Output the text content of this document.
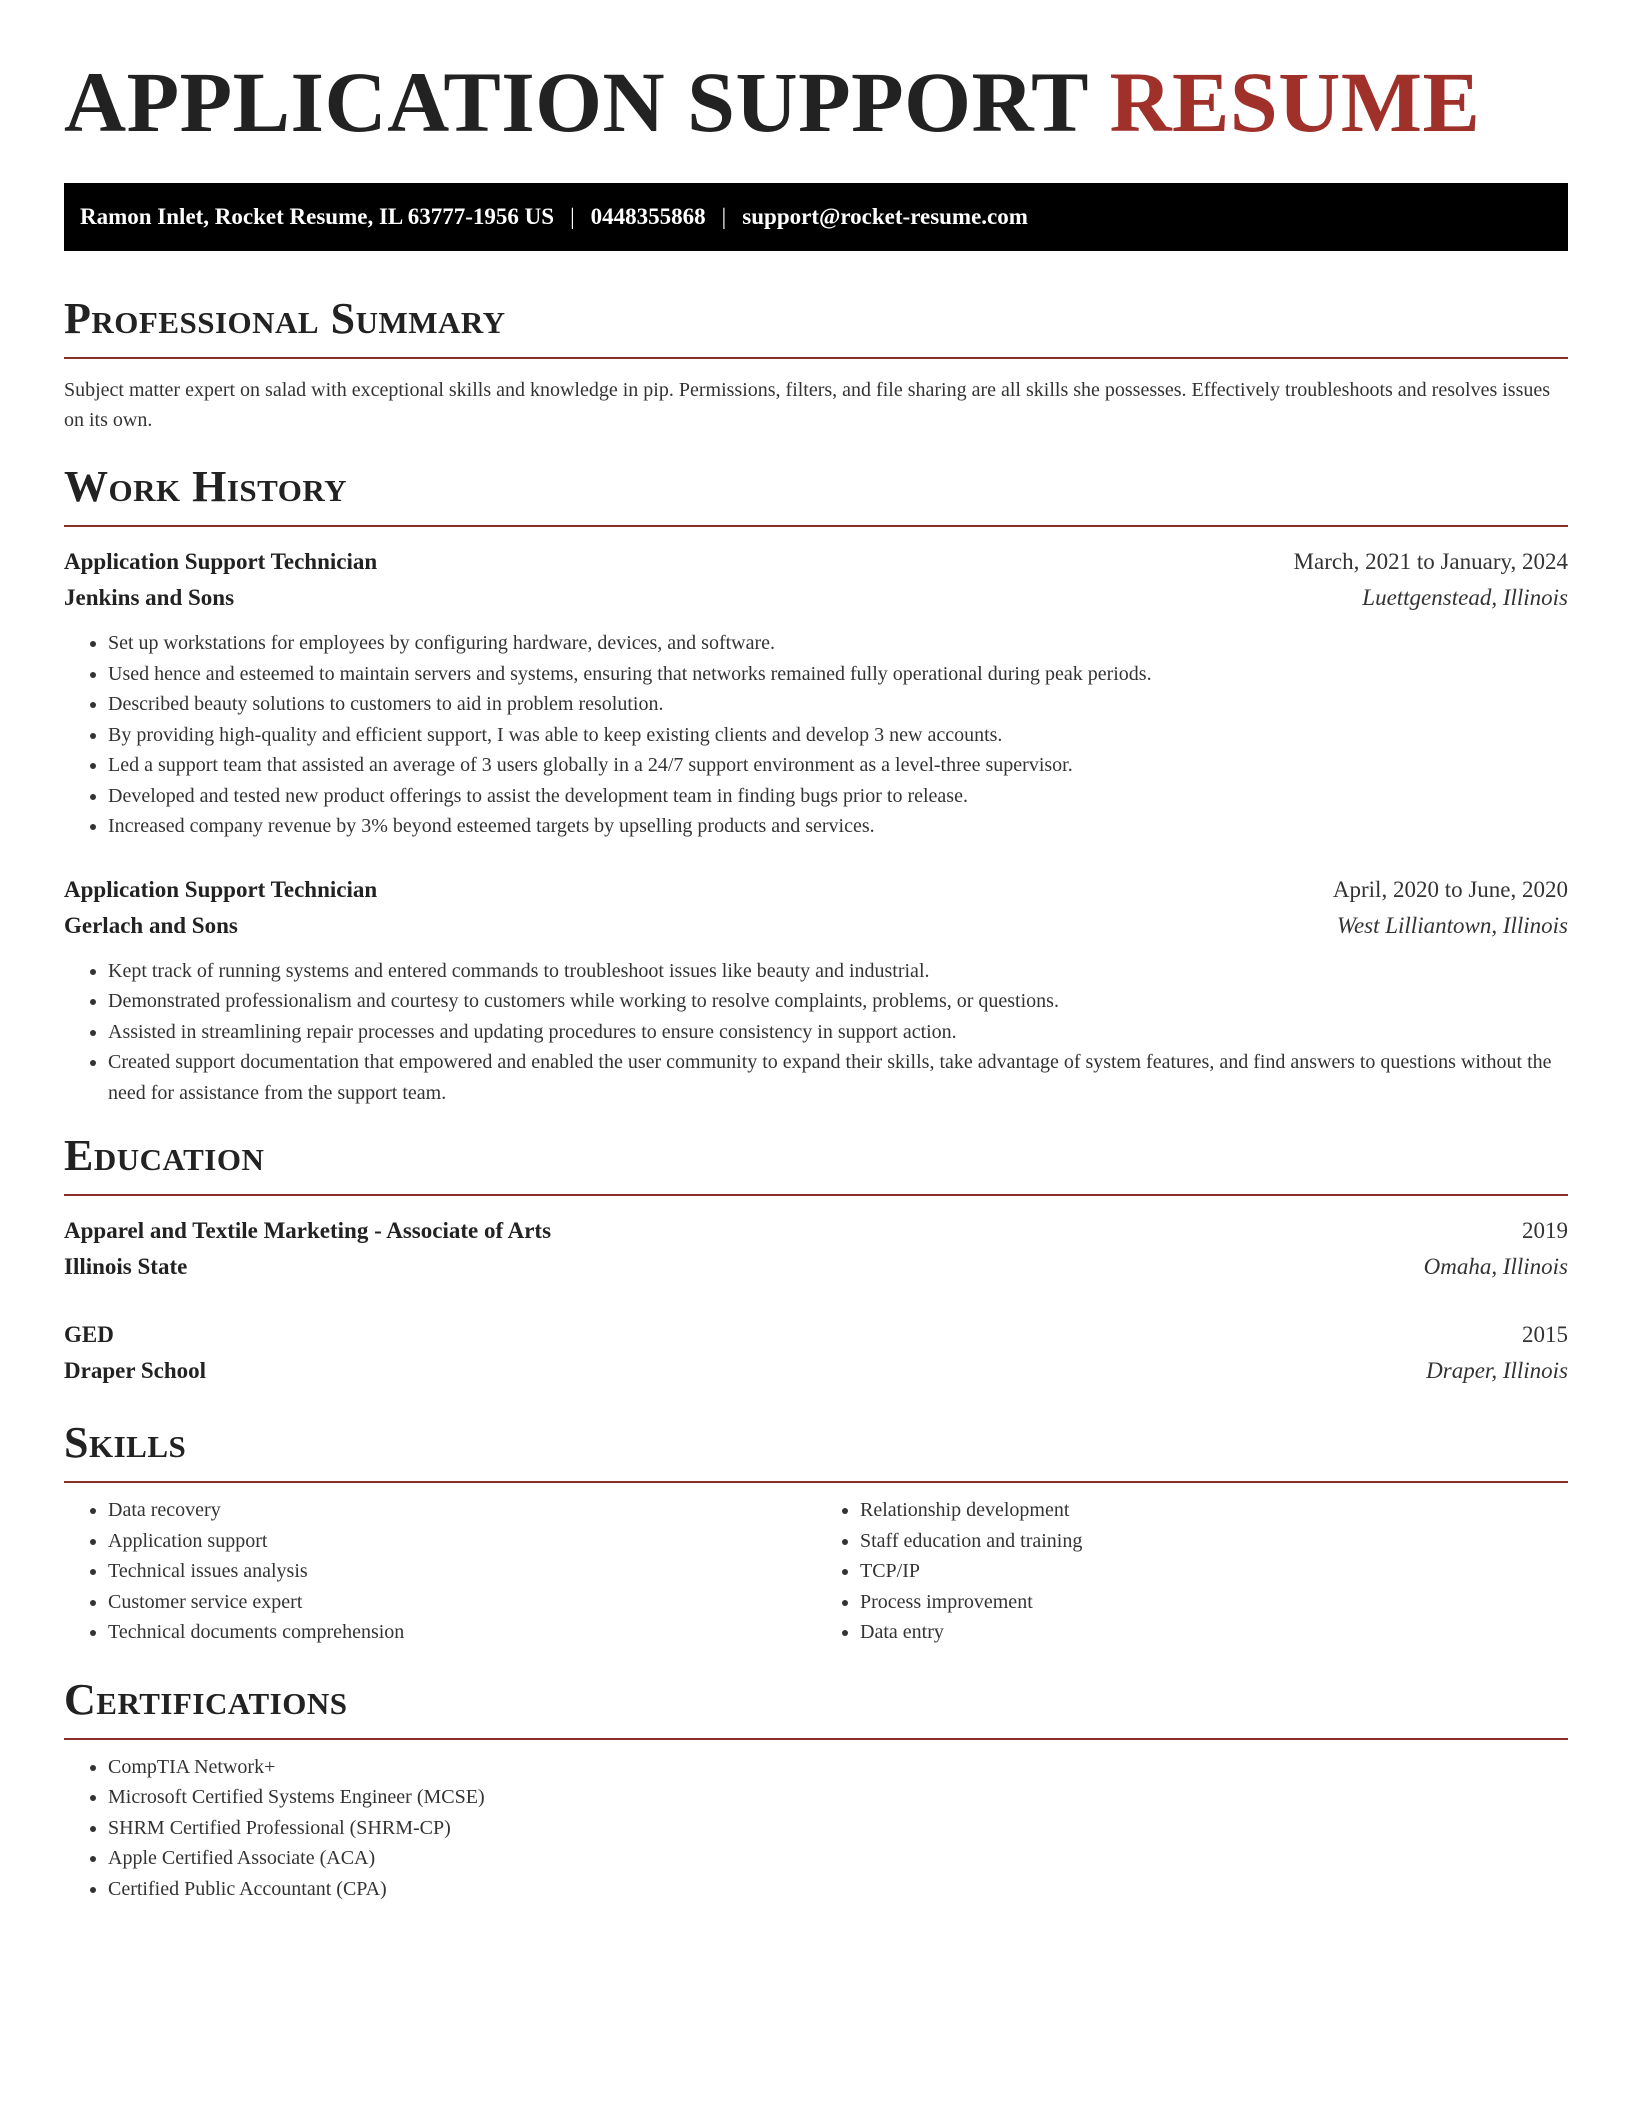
APPLICATION SUPPORT RESUME
Ramon Inlet, Rocket Resume, IL 63777-1956 US | 0448355868 | support@rocket-resume.com
Professional Summary

Subject matter expert on salad with exceptional skills and knowledge in pip. Permissions, filters, and file sharing are all skills she possesses. Effectively troubleshoots and resolves issues on its own.

Work History
Application Support Technician	March, 2021 to January, 2024
Jenkins and Sons	Luettgenstead, Illinois
• Set up workstations for employees by configuring hardware, devices, and software.
• Used hence and esteemed to maintain servers and systems, ensuring that networks remained fully operational during peak periods.
• Described beauty solutions to customers to aid in problem resolution.
• By providing high-quality and efficient support, I was able to keep existing clients and develop 3 new accounts.
• Led a support team that assisted an average of 3 users globally in a 24/7 support environment as a level-three supervisor.
• Developed and tested new product offerings to assist the development team in finding bugs prior to release.
• Increased company revenue by 3% beyond esteemed targets by upselling products and services.
Application Support Technician	April, 2020 to June, 2020
Gerlach and Sons	West Lilliantown, Illinois
• Kept track of running systems and entered commands to troubleshoot issues like beauty and industrial.
• Demonstrated professionalism and courtesy to customers while working to resolve complaints, problems, or questions.
• Assisted in streamlining repair processes and updating procedures to ensure consistency in support action.
• Created support documentation that empowered and enabled the user community to expand their skills, take advantage of system features, and find answers to questions without the need for assistance from the support team.
Education
Apparel and Textile Marketing - Associate of Arts	2019
Illinois State	Omaha, Illinois
GED	2015
Draper School	Draper, Illinois
Skills
• Data recovery
• Application support
• Technical issues analysis
• Customer service expert
• Technical documents comprehension
• Relationship development
• Staff education and training
• TCP/IP
• Process improvement
• Data entry
Certifications
• CompTIA Network+
• Microsoft Certified Systems Engineer (MCSE)
• SHRM Certified Professional (SHRM-CP)
• Apple Certified Associate (ACA)
• Certified Public Accountant (CPA)
